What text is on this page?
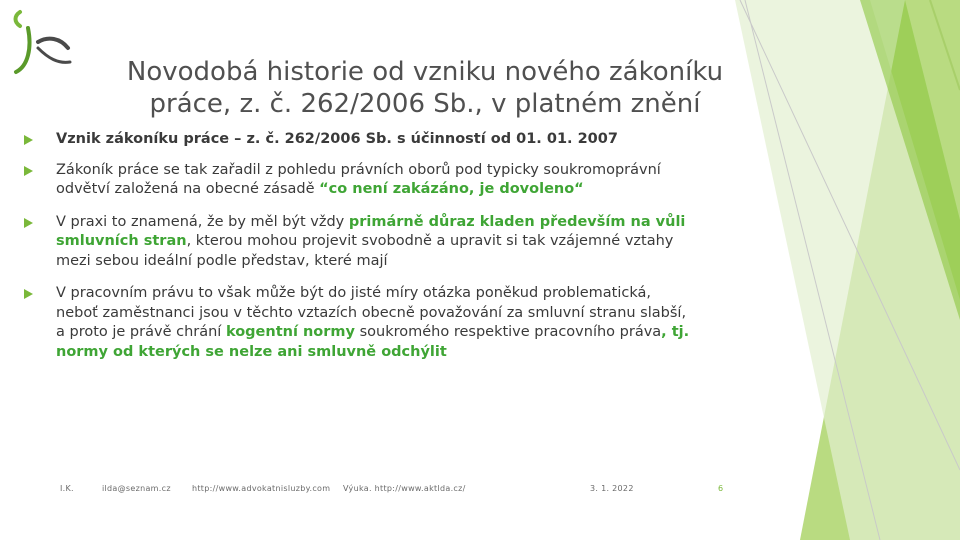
Novodobá historie od vzniku nového zákoníku
práce, z. č. 262/2006 Sb., v platném znění
Vznik zákoníku práce – z. č. 262/2006 Sb. s účinností od 01. 01. 2007
Zákoník práce se tak zařadil z pohledu právních oborů pod typicky soukromoprávní
odvětví založená na obecné zásadě “co není zakázáno, je dovoleno“
V praxi to znamená, že by měl být vždy primárně důraz kladen především na vůli
smluvních stran, kterou mohou projevit svobodně a upravit si tak vzájemné vztahy
mezi sebou ideální podle představ, které mají
V pracovním právu to však může být do jisté míry otázka poněkud problematická,
neboť zaměstnanci jsou v těchto vztazích obecně považování za smluvní stranu slabší,
a proto je právě chrání kogentní normy soukromého respektive pracovního práva, tj.
normy od kterých se nelze ani smluvně odchýlit
I.K.	ilda@seznam.cz	http://www.advokatnisluzby.com Výuka. http://www.aktlda.cz/	3. 1. 2022	6
